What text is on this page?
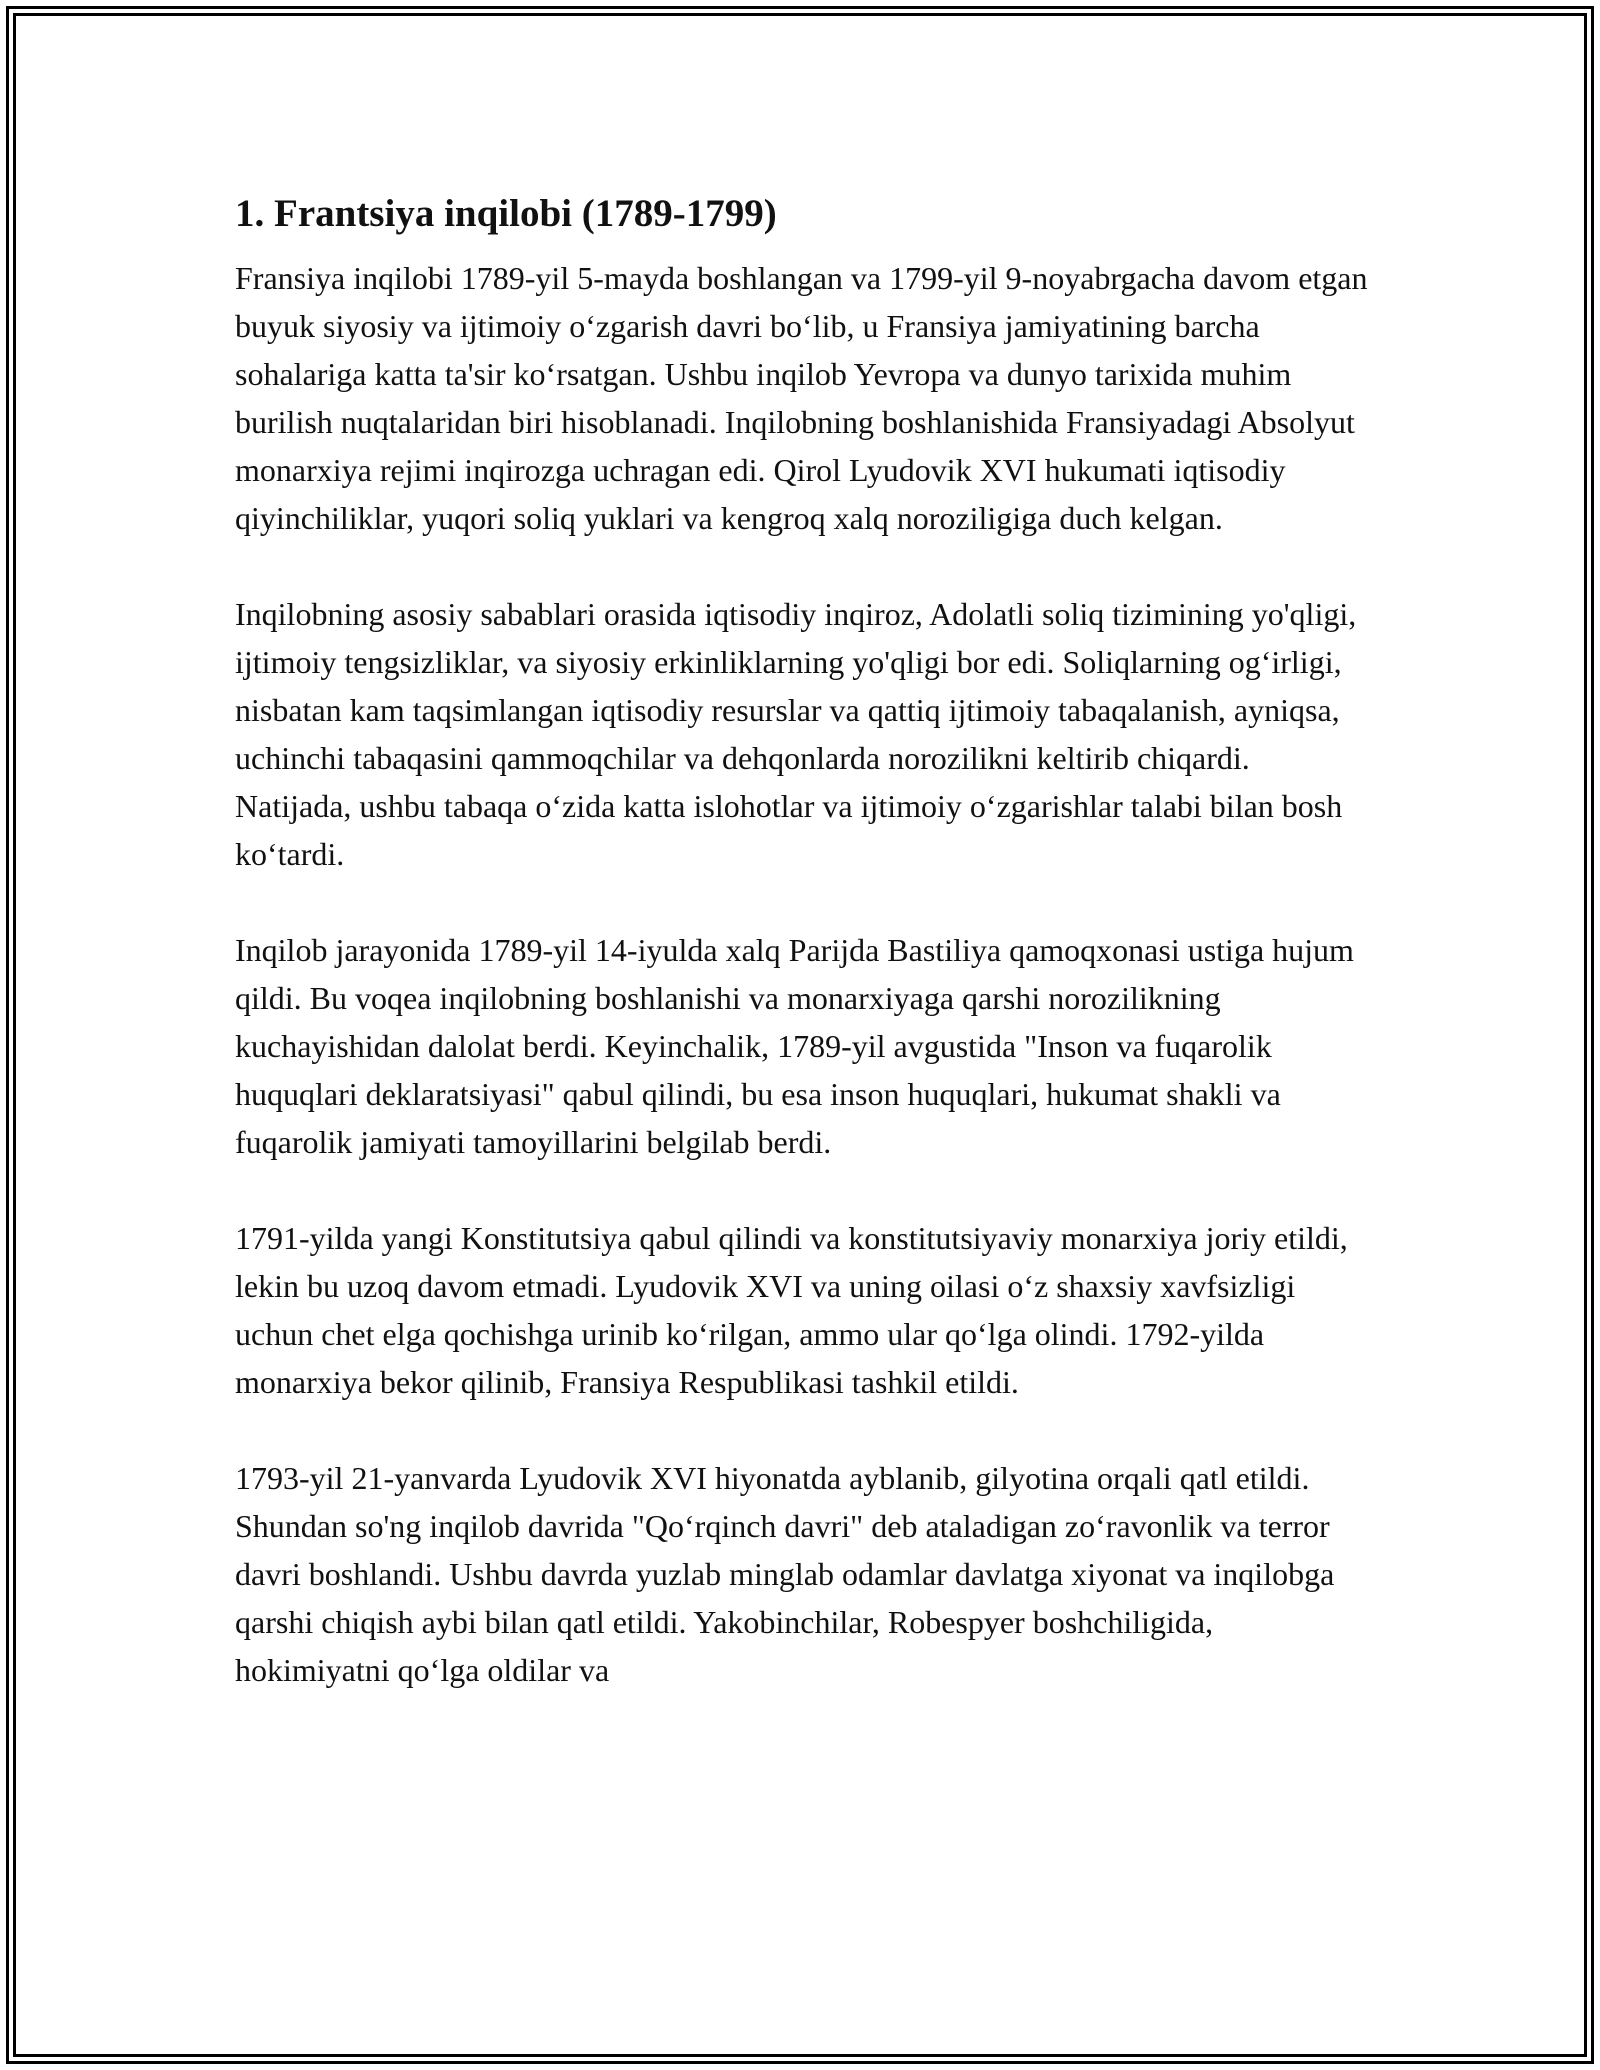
1. Frantsiya inqilobi (1789-1799)

Fransiya inqilobi 1789-yil 5-mayda boshlangan va 1799-yil 9-noyabrgacha davom etgan buyuk siyosiy va ijtimoiy oʻzgarish davri boʻlib, u Fransiya jamiyatining barcha sohalariga katta ta'sir koʻrsatgan. Ushbu inqilob Yevropa va dunyo tarixida muhim burilish nuqtalaridan biri hisoblanadi. Inqilobning boshlanishida Fransiyadagi Absolyut monarxiya rejimi inqirozga uchragan edi. Qirol Lyudovik XVI hukumati iqtisodiy qiyinchiliklar, yuqori soliq yuklari va kengroq xalq noroziligiga duch kelgan.

Inqilobning asosiy sabablari orasida iqtisodiy inqiroz, Adolatli soliq tizimining yo'qligi, ijtimoiy tengsizliklar, va siyosiy erkinliklarning yo'qligi bor edi. Soliqlarning ogʻirligi, nisbatan kam taqsimlangan iqtisodiy resurslar va qattiq ijtimoiy tabaqalanish, ayniqsa, uchinchi tabaqasini qammoqchilar va dehqonlarda norozilikni keltirib chiqardi. Natijada, ushbu tabaqa oʻzida katta islohotlar va ijtimoiy oʻzgarishlar talabi bilan bosh koʻtardi.

Inqilob jarayonida 1789-yil 14-iyulda xalq Parijda Bastiliya qamoqxonasi ustiga hujum qildi. Bu voqea inqilobning boshlanishi va monarxiyaga qarshi norozilikning kuchayishidan dalolat berdi. Keyinchalik, 1789-yil avgustida "Inson va fuqarolik huquqlari deklaratsiyasi" qabul qilindi, bu esa inson huquqlari, hukumat shakli va fuqarolik jamiyati tamoyillarini belgilab berdi.

1791-yilda yangi Konstitutsiya qabul qilindi va konstitutsiyaviy monarxiya joriy etildi, lekin bu uzoq davom etmadi. Lyudovik XVI va uning oilasi oʻz shaxsiy xavfsizligi uchun chet elga qochishga urinib koʻrilgan, ammo ular qoʻlga olindi. 1792-yilda monarxiya bekor qilinib, Fransiya Respublikasi tashkil etildi.

1793-yil 21-yanvarda Lyudovik XVI hiyonatda ayblanib, gilyotina orqali qatl etildi. Shundan so'ng inqilob davrida "Qoʻrqinch davri" deb ataladigan zoʻravonlik va terror davri boshlandi. Ushbu davrda yuzlab minglab odamlar davlatga xiyonat va inqilobga qarshi chiqish aybi bilan qatl etildi. Yakobinchilar, Robespyer boshchiligida, hokimiyatni qoʻlga oldilar va
